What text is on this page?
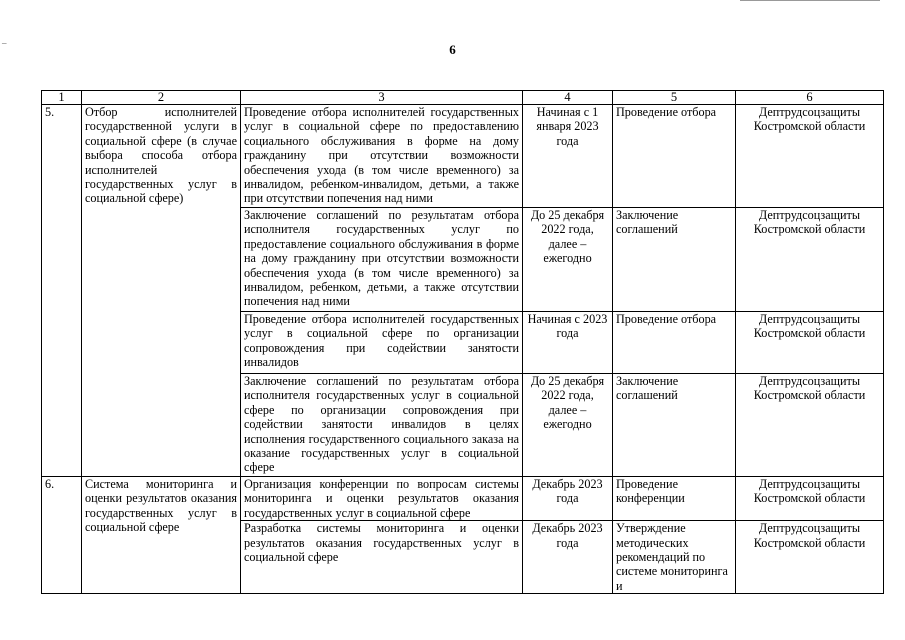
–	6
1	2	3	4	5	6
5.	Отбор исполнителей государственной услуги в социальной сфере (в случае выбора способа отбора исполнителей государственных услуг в социальной сфере)	Проведение отбора исполнителей государственных услуг в социальной сфере по предоставлению социального обслуживания в форме на дому гражданину при отсутствии возможности обеспечения ухода (в том числе временного) за инвалидом, ребенком-инвалидом, детьми, а также при отсутствии попечения над ними	Начиная с 1 января 2023 года	Проведение отбора	Дептрудсоцзащиты Костромской области
		Заключение соглашений по результатам отбора исполнителя государственных услуг по предоставление социального обслуживания в форме на дому гражданину при отсутствии возможности обеспечения ухода (в том числе временного) за инвалидом, ребенком, детьми, а также отсутствии попечения над ними	До 25 декабря 2022 года, далее – ежегодно	Заключение соглашений	Дептрудсоцзащиты Костромской области
		Проведение отбора исполнителей государственных услуг в социальной сфере по организации сопровождения при содействии занятости инвалидов	Начиная с 2023 года	Проведение отбора	Дептрудсоцзащиты Костромской области
		Заключение соглашений по результатам отбора исполнителя государственных услуг в социальной сфере по организации сопровождения при содействии занятости инвалидов в целях исполнения государственного социального заказа на оказание государственных услуг в социальной сфере	До 25 декабря 2022 года, далее – ежегодно	Заключение соглашений	Дептрудсоцзащиты Костромской области
6.	Система мониторинга и оценки результатов оказания государственных услуг в социальной сфере	Организация конференции по вопросам системы мониторинга и оценки результатов оказания государственных услуг в социальной сфере	Декабрь 2023 года	Проведение конференции	Дептрудсоцзащиты Костромской области
		Разработка системы мониторинга и оценки результатов оказания государственных услуг в социальной сфере	Декабрь 2023 года	Утверждение методических рекомендаций по системе мониторинга и	Дептрудсоцзащиты Костромской области
